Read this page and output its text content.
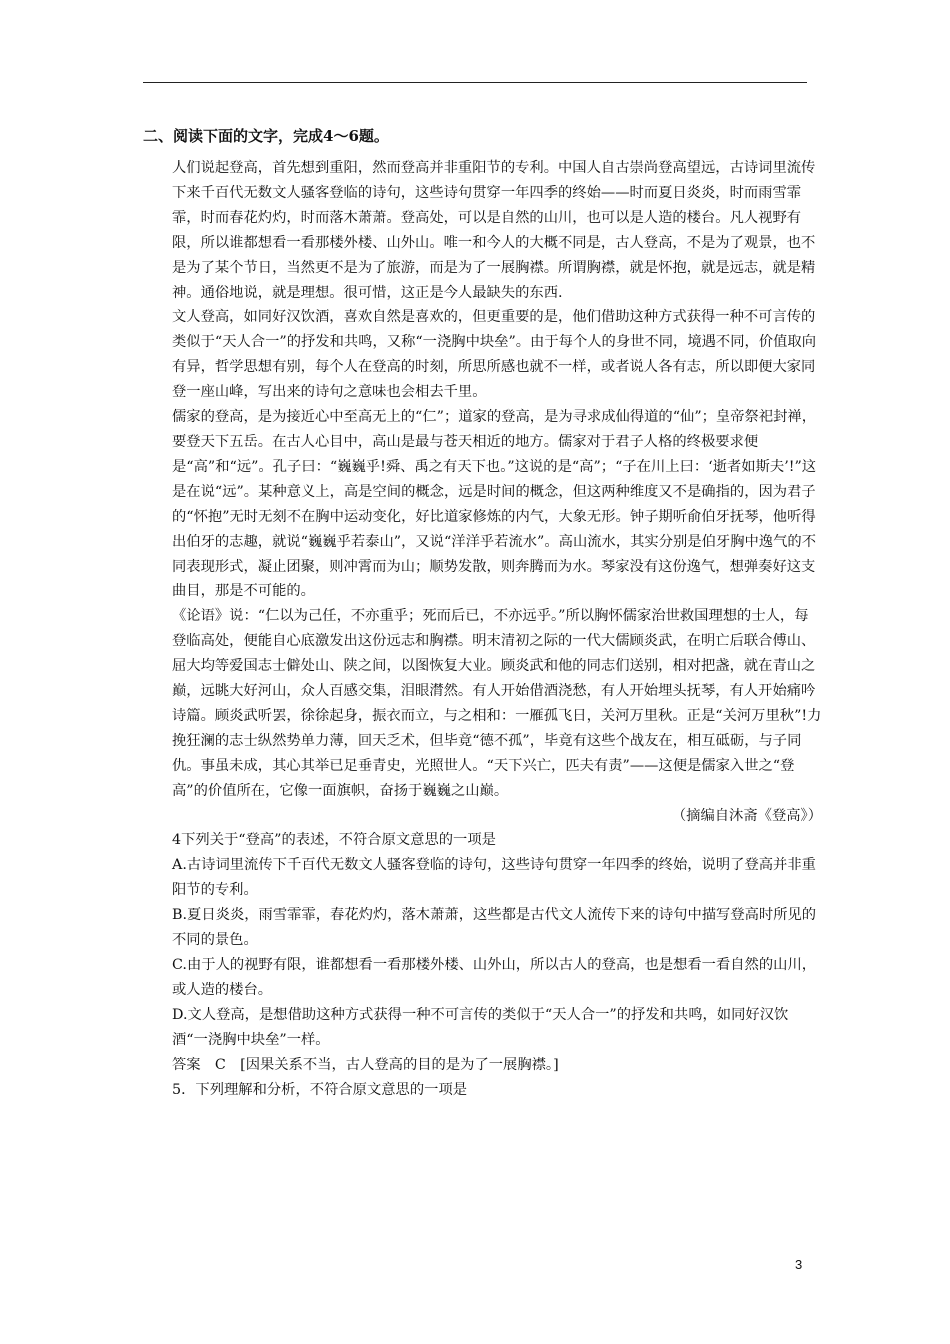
二、阅读下面的文字，完成4～6题。

人们说起登高，首先想到重阳，然而登高并非重阳节的专利。中国人自古崇尚登高望远，古诗词里流传下来千百代无数文人骚客登临的诗句，这些诗句贯穿一年四季的终始——时而夏日炎炎，时而雨雪霏霏，时而春花灼灼，时而落木萧萧。登高处，可以是自然的山川，也可以是人造的楼台。凡人视野有限，所以谁都想看一看那楼外楼、山外山。唯一和今人的大概不同是，古人登高，不是为了观景，也不是为了某个节日，当然更不是为了旅游，而是为了一展胸襟。所谓胸襟，就是怀抱，就是远志，就是精神。通俗地说，就是理想。很可惜，这正是今人最缺失的东西.

文人登高，如同好汉饮酒，喜欢自然是喜欢的，但更重要的是，他们借助这种方式获得一种不可言传的类似于“天人合一”的抒发和共鸣，又称“一浇胸中块垒”。由于每个人的身世不同，境遇不同，价值取向有异，哲学思想有别，每个人在登高的时刻，所思所感也就不一样，或者说人各有志，所以即便大家同登一座山峰，写出来的诗句之意味也会相去千里。

儒家的登高，是为接近心中至高无上的“仁”；道家的登高，是为寻求成仙得道的“仙”；皇帝祭祀封禅，要登天下五岳。在古人心目中，高山是最与苍天相近的地方。儒家对于君子人格的终极要求便是“高”和“远”。孔子曰：“巍巍乎!舜、禹之有天下也。”这说的是“高”；“子在川上曰：‘逝者如斯夫’!”这是在说“远”。某种意义上，高是空间的概念，远是时间的概念，但这两种维度又不是确指的，因为君子的“怀抱”无时无刻不在胸中运动变化，好比道家修炼的内气，大象无形。钟子期听俞伯牙抚琴，他听得出伯牙的志趣，就说“巍巍乎若泰山”，又说“洋洋乎若流水”。高山流水，其实分别是伯牙胸中逸气的不同表现形式，凝止团聚，则冲霄而为山；顺势发散，则奔腾而为水。琴家没有这份逸气，想弹奏好这支曲目，那是不可能的。

《论语》说：“仁以为己任，不亦重乎；死而后已，不亦远乎。”所以胸怀儒家治世救国理想的士人，每登临高处，便能自心底激发出这份远志和胸襟。明末清初之际的一代大儒顾炎武，在明亡后联合傅山、屈大均等爱国志士僻处山、陕之间，以图恢复大业。顾炎武和他的同志们送别，相对把盏，就在青山之巅，远眺大好河山，众人百感交集，泪眼潸然。有人开始借酒浇愁，有人开始埋头抚琴，有人开始痛吟诗篇。顾炎武听罢，徐徐起身，振衣而立，与之相和：一雁孤飞日，关河万里秋。正是“关河万里秋”!力挽狂澜的志士纵然势单力薄，回天乏术，但毕竟“德不孤”，毕竟有这些个战友在，相互砥砺，与子同仇。事虽未成，其心其举已足垂青史，光照世人。“天下兴亡，匹夫有责”——这便是儒家入世之“登高”的价值所在，它像一面旗帜，奋扬于巍巍之山巅。

（摘编自沐斋《登高》）

4下列关于“登高”的表述，不符合原文意思的一项是

A.古诗词里流传下千百代无数文人骚客登临的诗句，这些诗句贯穿一年四季的终始，说明了登高并非重阳节的专利。

B.夏日炎炎，雨雪霏霏，春花灼灼，落木萧萧，这些都是古代文人流传下来的诗句中描写登高时所见的不同的景色。

C.由于人的视野有限，谁都想看一看那楼外楼、山外山，所以古人的登高，也是想看一看自然的山川，或人造的楼台。

D.文人登高，是想借助这种方式获得一种不可言传的类似于“天人合一”的抒发和共鸣，如同好汉饮酒“一浇胸中块垒”一样。

答案　C　[因果关系不当，古人登高的目的是为了一展胸襟。]

5．下列理解和分析，不符合原文意思的一项是

3
